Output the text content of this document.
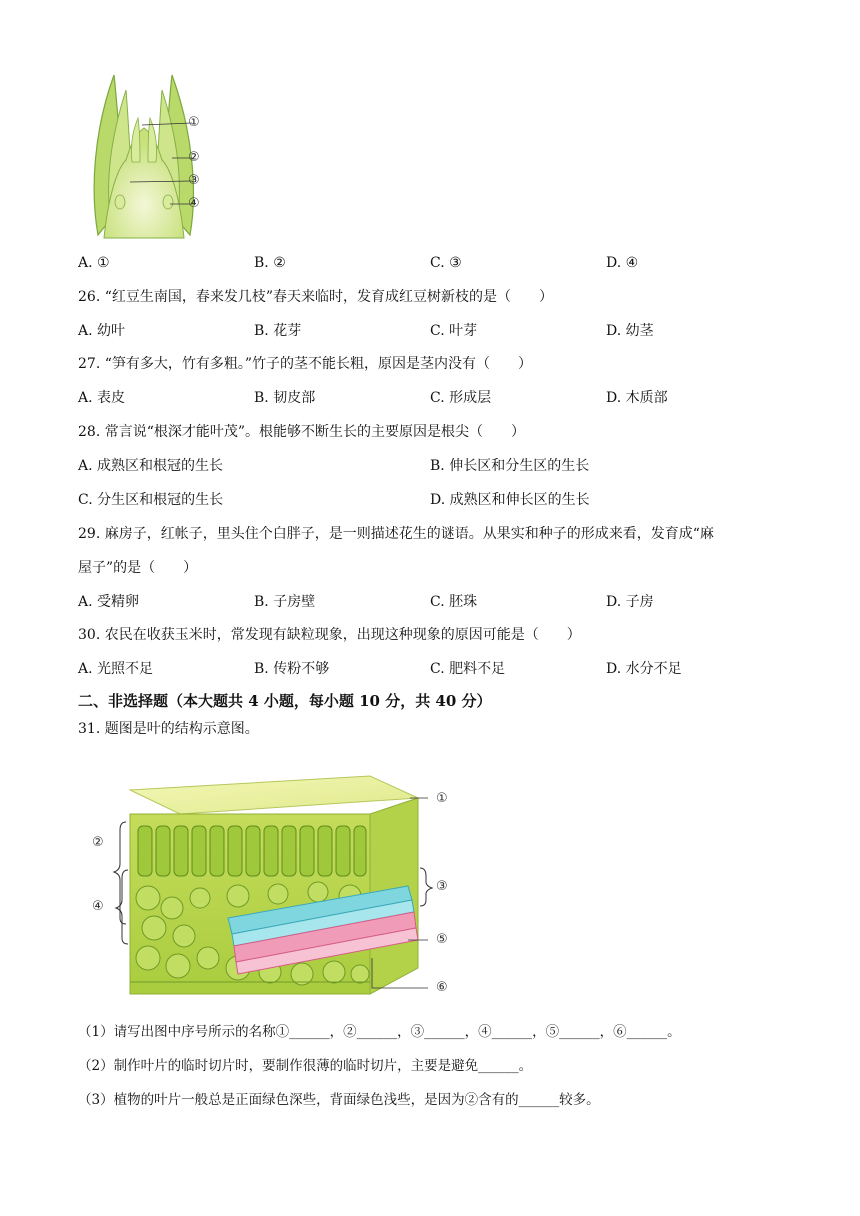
①
②
③
④
A. ①	B. ②	C. ③	D. ④
26. “红豆生南国，春来发几枝”春天来临时，发育成红豆树新枝的是（　　）
A. 幼叶	B. 花芽	C. 叶芽	D. 幼茎
27. “笋有多大，竹有多粗。”竹子的茎不能长粗，原因是茎内没有（　　）
A. 表皮	B. 韧皮部	C. 形成层	D. 木质部
28. 常言说“根深才能叶茂”。根能够不断生长的主要原因是根尖（　　）
A. 成熟区和根冠的生长	B. 伸长区和分生区的生长
C. 分生区和根冠的生长	D. 成熟区和伸长区的生长
29. 麻房子，红帐子，里头住个白胖子，是一则描述花生的谜语。从果实和种子的形成来看，发育成“麻
屋子”的是（　　）
A. 受精卵	B. 子房壁	C. 胚珠	D. 子房
30. 农民在收获玉米时，常发现有缺粒现象，出现这种现象的原因可能是（　　）
A. 光照不足	B. 传粉不够	C. 肥料不足	D. 水分不足
二、非选择题（本大题共 4 小题，每小题 10 分，共 40 分）
31. 题图是叶的结构示意图。
①
②
③
④
⑤
⑥
（1）请写出图中序号所示的名称①______，②______，③______，④______，⑤______，⑥______。
（2）制作叶片的临时切片时，要制作很薄的临时切片，主要是避免______。
（3）植物的叶片一般总是正面绿色深些，背面绿色浅些，是因为②含有的______较多。
